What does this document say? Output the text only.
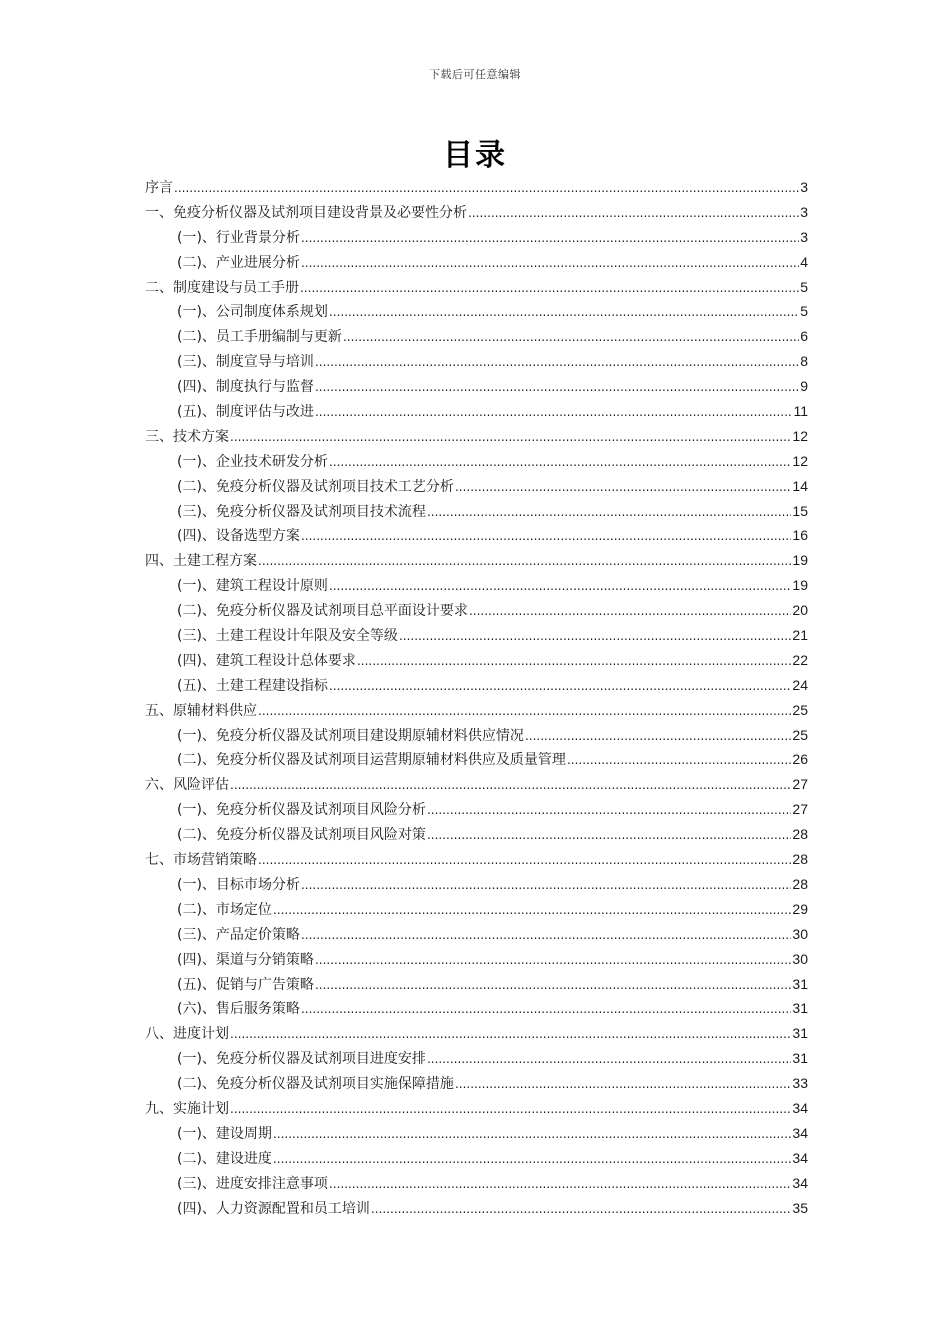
下载后可任意编辑
目录
序言 .....	3
一、免疫分析仪器及试剂项目建设背景及必要性分析 .....	3
(一)、行业背景分析 .....	3
(二)、产业进展分析 .....	4
二、制度建设与员工手册 .....	5
(一)、公司制度体系规划 .....	5
(二)、员工手册编制与更新 .....	6
(三)、制度宣导与培训 .....	8
(四)、制度执行与监督 .....	9
(五)、制度评估与改进 .....	11
三、技术方案 .....	12
(一)、企业技术研发分析 .....	12
(二)、免疫分析仪器及试剂项目技术工艺分析 .....	14
(三)、免疫分析仪器及试剂项目技术流程 .....	15
(四)、设备选型方案 .....	16
四、土建工程方案 .....	19
(一)、建筑工程设计原则 .....	19
(二)、免疫分析仪器及试剂项目总平面设计要求 .....	20
(三)、土建工程设计年限及安全等级 .....	21
(四)、建筑工程设计总体要求 .....	22
(五)、土建工程建设指标 .....	24
五、原辅材料供应 .....	25
(一)、免疫分析仪器及试剂项目建设期原辅材料供应情况 .....	25
(二)、免疫分析仪器及试剂项目运营期原辅材料供应及质量管理 .....	26
六、风险评估 .....	27
(一)、免疫分析仪器及试剂项目风险分析 .....	27
(二)、免疫分析仪器及试剂项目风险对策 .....	28
七、市场营销策略 .....	28
(一)、目标市场分析 .....	28
(二)、市场定位 .....	29
(三)、产品定价策略 .....	30
(四)、渠道与分销策略 .....	30
(五)、促销与广告策略 .....	31
(六)、售后服务策略 .....	31
八、进度计划 .....	31
(一)、免疫分析仪器及试剂项目进度安排 .....	31
(二)、免疫分析仪器及试剂项目实施保障措施 .....	33
九、实施计划 .....	34
(一)、建设周期 .....	34
(二)、建设进度 .....	34
(三)、进度安排注意事项 .....	34
(四)、人力资源配置和员工培训 .....	35
